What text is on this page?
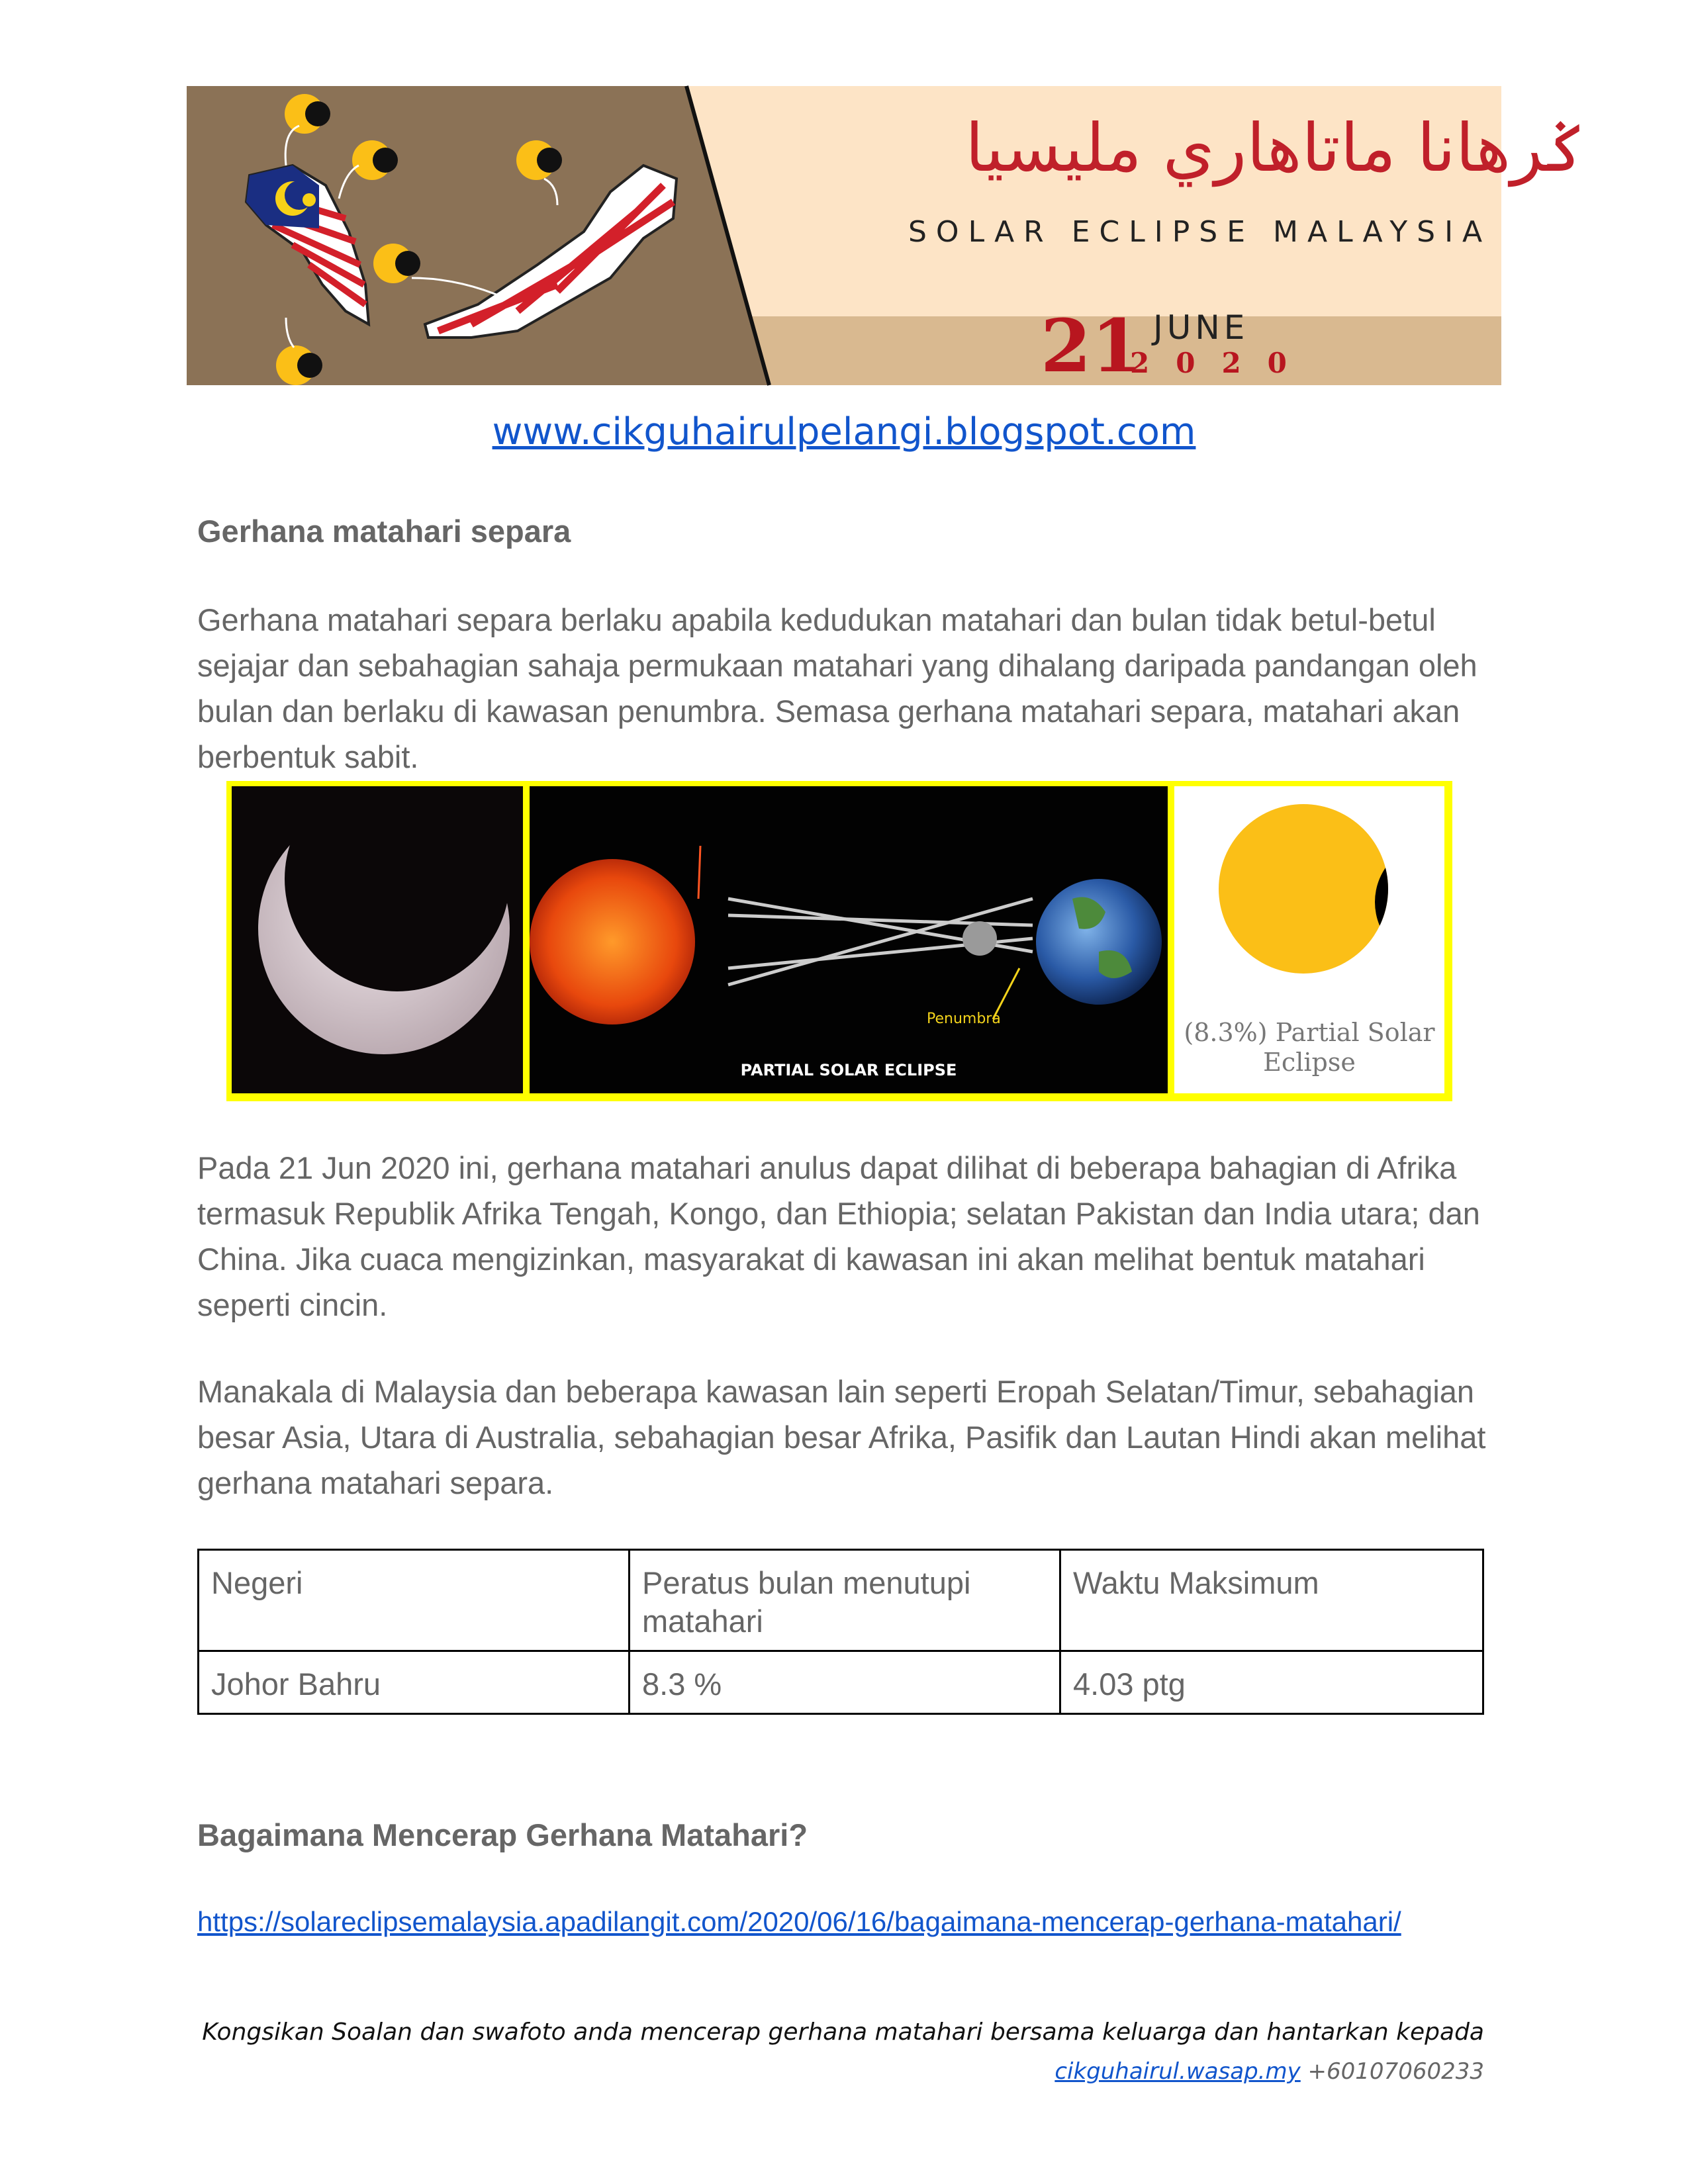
ݢرهانا ماتاهاري مليسيا
SOLAR ECLIPSE MALAYSIA
21 JUNE
2020
www.cikguhairulpelangi.blogspot.com
Gerhana matahari separa
Gerhana matahari separa berlaku apabila kedudukan matahari dan bulan tidak betul-betul sejajar dan sebahagian sahaja permukaan matahari yang dihalang daripada pandangan oleh bulan dan berlaku di kawasan penumbra. Semasa gerhana matahari separa, matahari akan berbentuk sabit.
Penumbra
PARTIAL SOLAR ECLIPSE
(8.3%) Partial Solar
Eclipse
Pada 21 Jun 2020 ini, gerhana matahari anulus dapat dilihat di beberapa bahagian di Afrika termasuk Republik Afrika Tengah, Kongo, dan Ethiopia; selatan Pakistan dan India utara; dan China. Jika cuaca mengizinkan, masyarakat di kawasan ini akan melihat bentuk matahari seperti cincin.
Manakala di Malaysia dan beberapa kawasan lain seperti Eropah Selatan/Timur, sebahagian besar Asia, Utara di Australia, sebahagian besar Afrika, Pasifik dan Lautan Hindi akan melihat gerhana matahari separa.
Negeri	Peratus bulan menutupi matahari	Waktu Maksimum
Johor Bahru	8.3 %	4.03 ptg
Bagaimana Mencerap Gerhana Matahari?
https://solareclipsemalaysia.apadilangit.com/2020/06/16/bagaimana-mencerap-gerhana-matahari/
Kongsikan Soalan dan swafoto anda mencerap gerhana matahari bersama keluarga dan hantarkan kepada
cikguhairul.wasap.my +60107060233
